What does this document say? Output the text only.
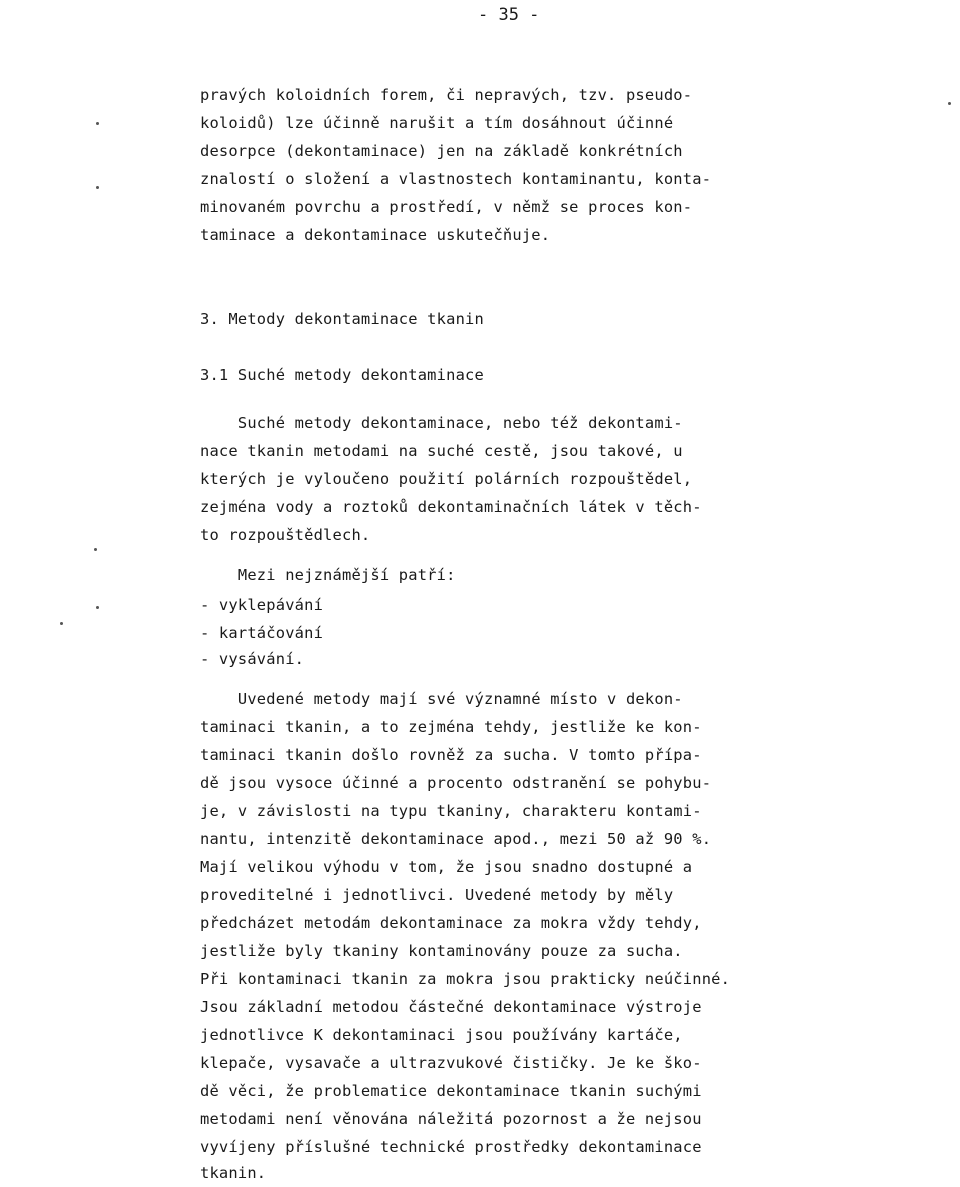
- 35 -
pravých koloidních forem, či nepravých, tzv. pseudo-
koloidů) lze účinně narušit a tím dosáhnout účinné
desorpce (dekontaminace) jen na základě konkrétních
znalostí o složení a vlastnostech kontaminantu, konta-
minovaném povrchu a prostředí, v němž se proces kon-
taminace a dekontaminace uskutečňuje.
3. Metody dekontaminace tkanin
3.1 Suché metody dekontaminace
Suché metody dekontaminace, nebo též dekontami-
nace tkanin metodami na suché cestě, jsou takové, u
kterých je vyloučeno použití polárních rozpouštědel,
zejména vody a roztoků dekontaminačních látek v těch-
to rozpouštědlech.
Mezi nejznámější patří:
- vyklepávání
- kartáčování
- vysávání.
Uvedené metody mají své významné místo v dekon-
taminaci tkanin, a to zejména tehdy, jestliže ke kon-
taminaci tkanin došlo rovněž za sucha. V tomto přípa-
dě jsou vysoce účinné a procento odstranění se pohybu-
je, v závislosti na typu tkaniny, charakteru kontami-
nantu, intenzitě dekontaminace apod., mezi 50 až 90 %.
Mají velikou výhodu v tom, že jsou snadno dostupné a
proveditelné i jednotlivci. Uvedené metody by měly
předcházet metodám dekontaminace za mokra vždy tehdy,
jestliže byly tkaniny kontaminovány pouze za sucha.
Při kontaminaci tkanin za mokra jsou prakticky neúčinné.
Jsou základní metodou částečné dekontaminace výstroje
jednotlivce K dekontaminaci jsou používány kartáče,
klepače, vysavače a ultrazvukové čističky. Je ke ško-
dě věci, že problematice dekontaminace tkanin suchými
metodami není věnována náležitá pozornost a že nejsou
vyvíjeny příslušné technické prostředky dekontaminace
tkanin.
